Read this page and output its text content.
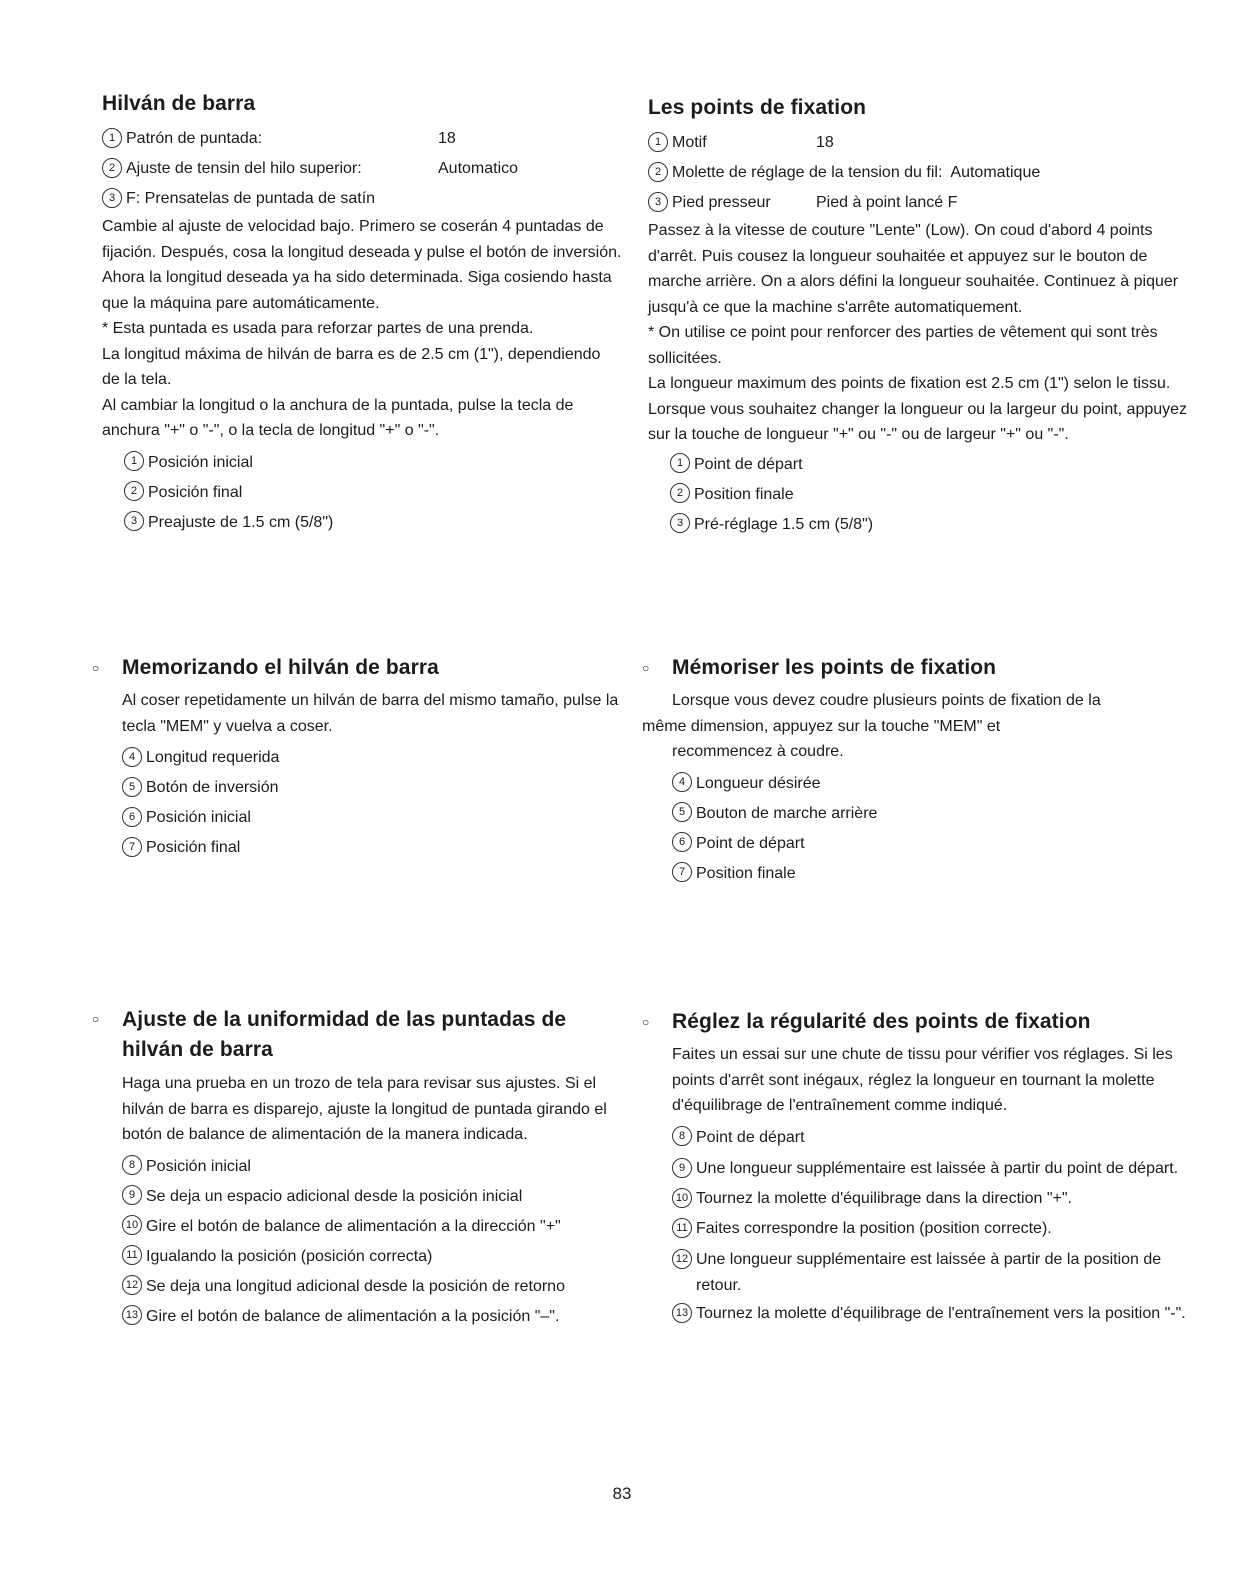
Hilván de barra
1 Patrón de puntada:	18
2 Ajuste de tensin del hilo superior:	Automatico
3 F: Prensatelas de puntada de satín

Cambie al ajuste de velocidad bajo. Primero se coserán 4 puntadas de fijación. Después, cosa la longitud deseada y pulse el botón de inversión.

Ahora la longitud deseada ya ha sido determinada. Siga cosiendo hasta que la máquina pare automáticamente.

* Esta puntada es usada para reforzar partes de una prenda.

La longitud máxima de hilván de barra es de 2.5 cm (1"), dependiendo de la tela.

Al cambiar la longitud o la anchura de la puntada, pulse la tecla de anchura "+" o "-", o la tecla de longitud "+" o "-".

1 Posición inicial
2 Posición final
3 Preajuste de 1.5 cm (5/8")
Les points de fixation
1 Motif	18
2 Molette de réglage de la tension du fil: Automatique
3 Pied presseur	Pied à point lancé F

Passez à la vitesse de couture "Lente" (Low). On coud d'abord 4 points d'arrêt. Puis cousez la longueur souhaitée et appuyez sur le bouton de marche arrière. On a alors défini la longueur souhaitée. Continuez à piquer jusqu'à ce que la machine s'arrête automatiquement.

* On utilise ce point pour renforcer des parties de vêtement qui sont très sollicitées.

La longueur maximum des points de fixation est 2.5 cm (1") selon le tissu.

Lorsque vous souhaitez changer la longueur ou la largeur du point, appuyez sur la touche de longueur "+" ou "-" ou de largeur "+" ou "-".

1 Point de départ
2 Position finale
3 Pré-réglage 1.5 cm (5/8")
○	Memorizando el hilván de barra

Al coser repetidamente un hilván de barra del mismo tamaño, pulse la tecla "MEM" y vuelva a coser.

4 Longitud requerida
5 Botón de inversión
6 Posición inicial
7 Posición final
○	Mémoriser les points de fixation

Lorsque vous devez coudre plusieurs points de fixation de la

même dimension, appuyez sur la touche "MEM" et

recommencez à coudre.

4 Longueur désirée
5 Bouton de marche arrière
6 Point de départ
7 Position finale
○	Ajuste de la uniformidad de las puntadas de hilván de barra

Haga una prueba en un trozo de tela para revisar sus ajustes. Si el hilván de barra es disparejo, ajuste la longitud de puntada girando el botón de balance de alimentación de la manera indicada.

8 Posición inicial
9 Se deja un espacio adicional desde la posición inicial
10 Gire el botón de balance de alimentación a la dirección "+"
11 Igualando la posición (posición correcta)
12 Se deja una longitud adicional desde la posición de retorno
13 Gire el botón de balance de alimentación a la posición "–".
○	Réglez la régularité des points de fixation

Faites un essai sur une chute de tissu pour vérifier vos réglages. Si les points d'arrêt sont inégaux, réglez la longueur en tournant la molette d'équilibrage de l'entraînement comme indiqué.

8 Point de départ
9 Une longueur supplémentaire est laissée à partir du point de départ.
10 Tournez la molette d'équilibrage dans la direction "+".
11 Faites correspondre la position (position correcte).
12 Une longueur supplémentaire est laissée à partir de la position de retour.
13 Tournez la molette d'équilibrage de l'entraînement vers la position "-".
83
